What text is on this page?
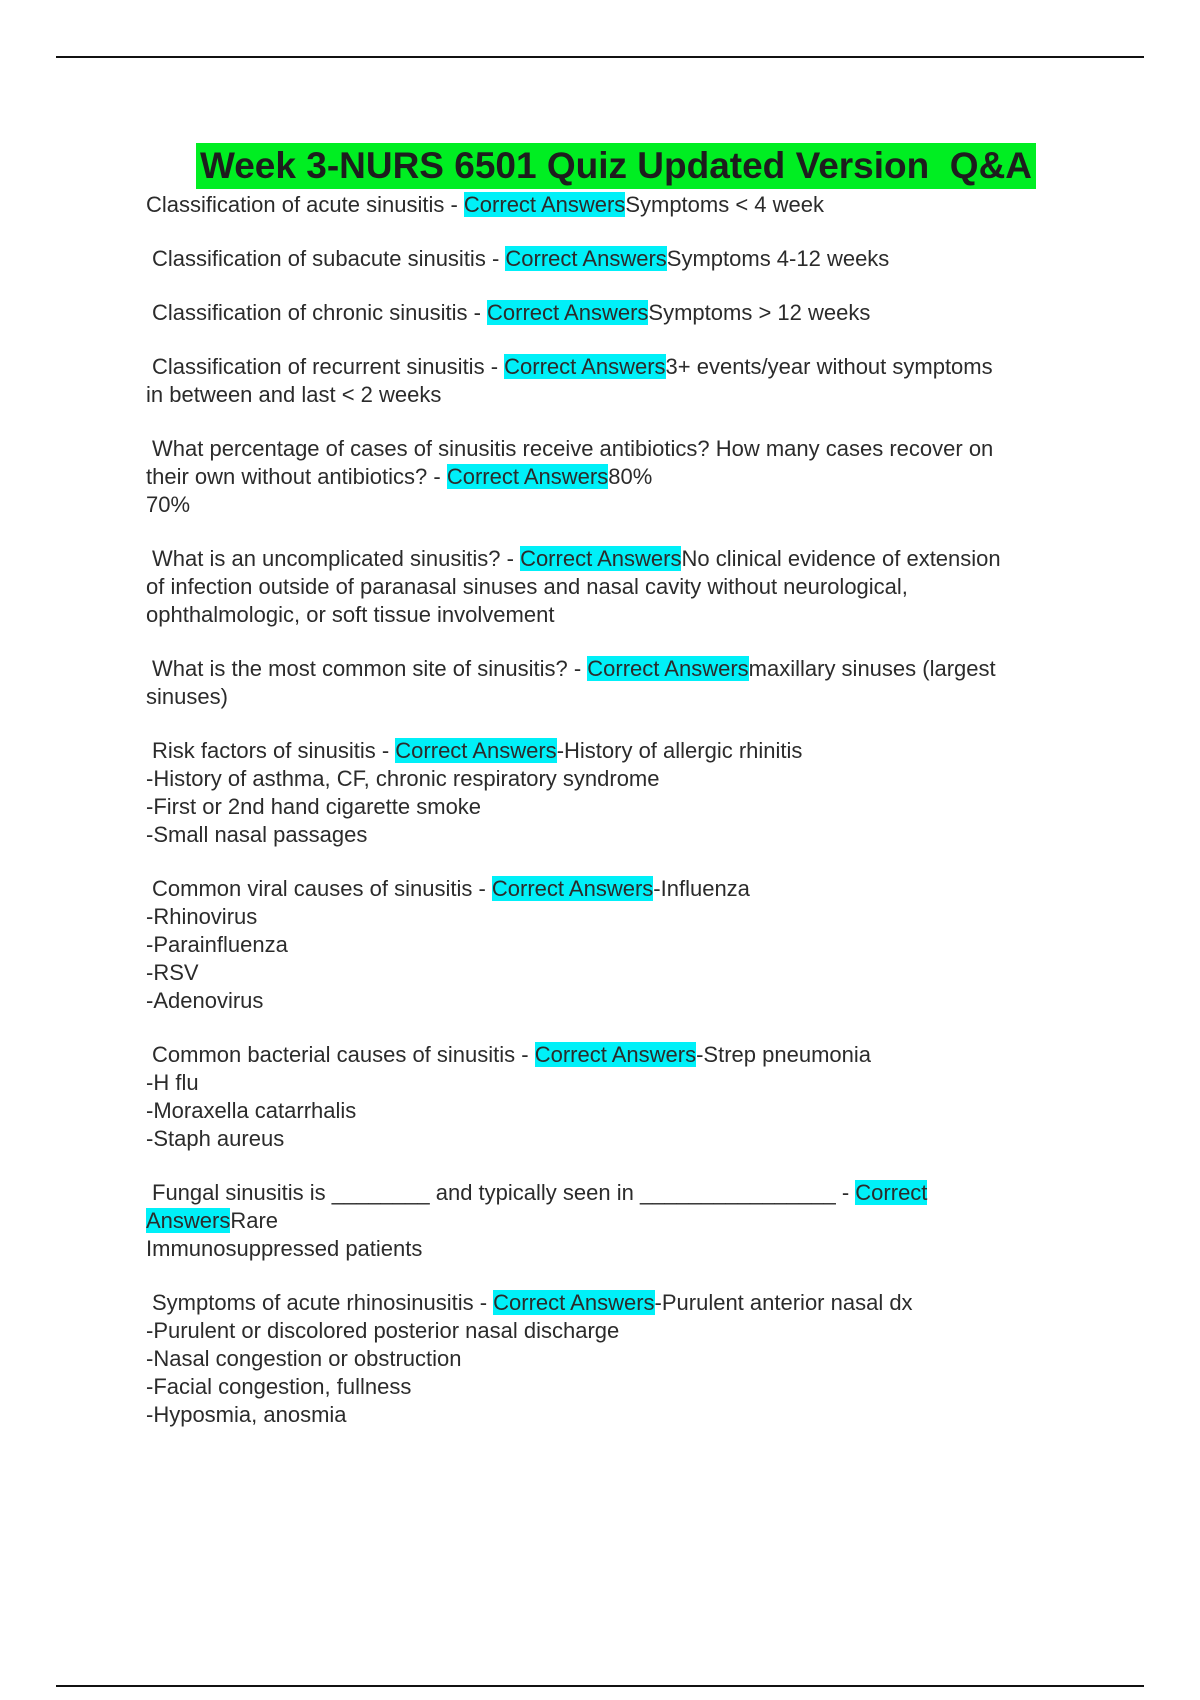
Week 3-NURS 6501 Quiz Updated Version  Q&A
Classification of acute sinusitis - Correct AnswersSymptoms < 4 week
Classification of subacute sinusitis - Correct AnswersSymptoms 4-12 weeks
Classification of chronic sinusitis - Correct AnswersSymptoms > 12 weeks
Classification of recurrent sinusitis - Correct Answers3+ events/year without symptoms
in between and last < 2 weeks
What percentage of cases of sinusitis receive antibiotics? How many cases recover on
their own without antibiotics? - Correct Answers80%
70%
What is an uncomplicated sinusitis? - Correct AnswersNo clinical evidence of extension
of infection outside of paranasal sinuses and nasal cavity without neurological,
ophthalmologic, or soft tissue involvement
What is the most common site of sinusitis? - Correct Answersmaxillary sinuses (largest
sinuses)
Risk factors of sinusitis - Correct Answers-History of allergic rhinitis
-History of asthma, CF, chronic respiratory syndrome
-First or 2nd hand cigarette smoke
-Small nasal passages
Common viral causes of sinusitis - Correct Answers-Influenza
-Rhinovirus
-Parainfluenza
-RSV
-Adenovirus
Common bacterial causes of sinusitis - Correct Answers-Strep pneumonia
-H flu
-Moraxella catarrhalis
-Staph aureus
Fungal sinusitis is ________ and typically seen in ________________ - Correct
AnswersRare
Immunosuppressed patients
Symptoms of acute rhinosinusitis - Correct Answers-Purulent anterior nasal dx
-Purulent or discolored posterior nasal discharge
-Nasal congestion or obstruction
-Facial congestion, fullness
-Hyposmia, anosmia
